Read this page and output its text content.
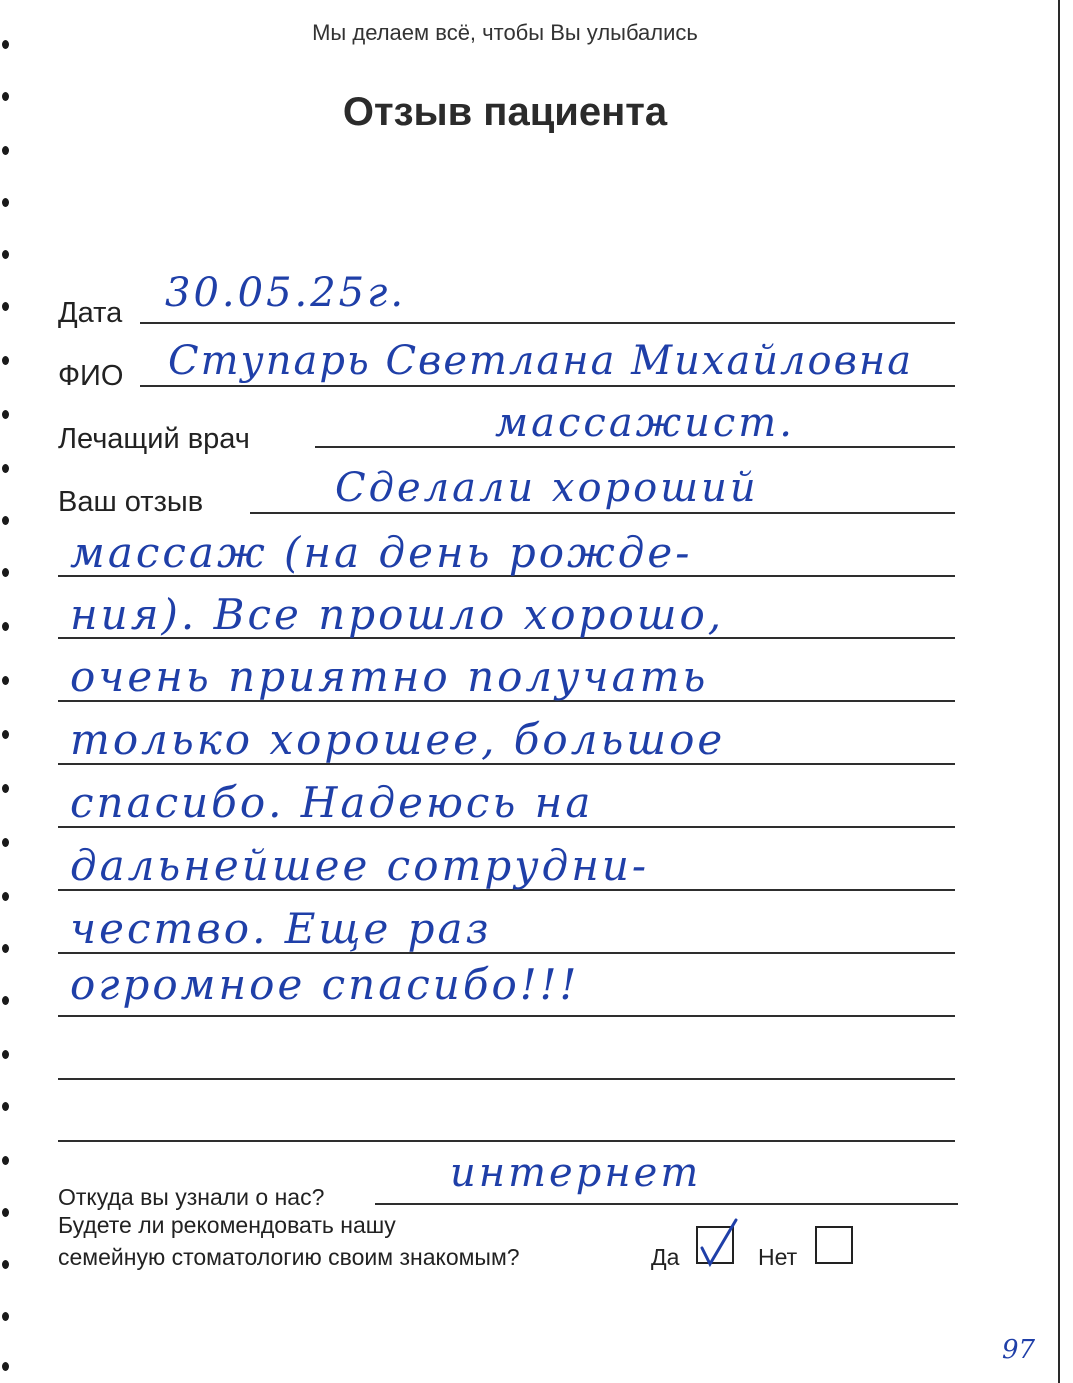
Мы делаем всё, чтобы Вы улыбались
Отзыв пациента
Дата 30.05.25г.
ФИО Ступарь Светлана Михайловна
Лечащий врач	массажист.
Ваш отзыв	Сделали хороший
массаж (на день рожде-
ния). Все прошло хорошо,
очень приятно получать
только хорошее, большое
спасибо. Надеюсь на
дальнейшее сотрудни-
чество. Еще раз
огромное спасибо!!!
Откуда вы узнали о нас?
интернет
Будете ли рекомендовать нашу
семейную стоматологию своим знакомым?	Да	Нет
97
